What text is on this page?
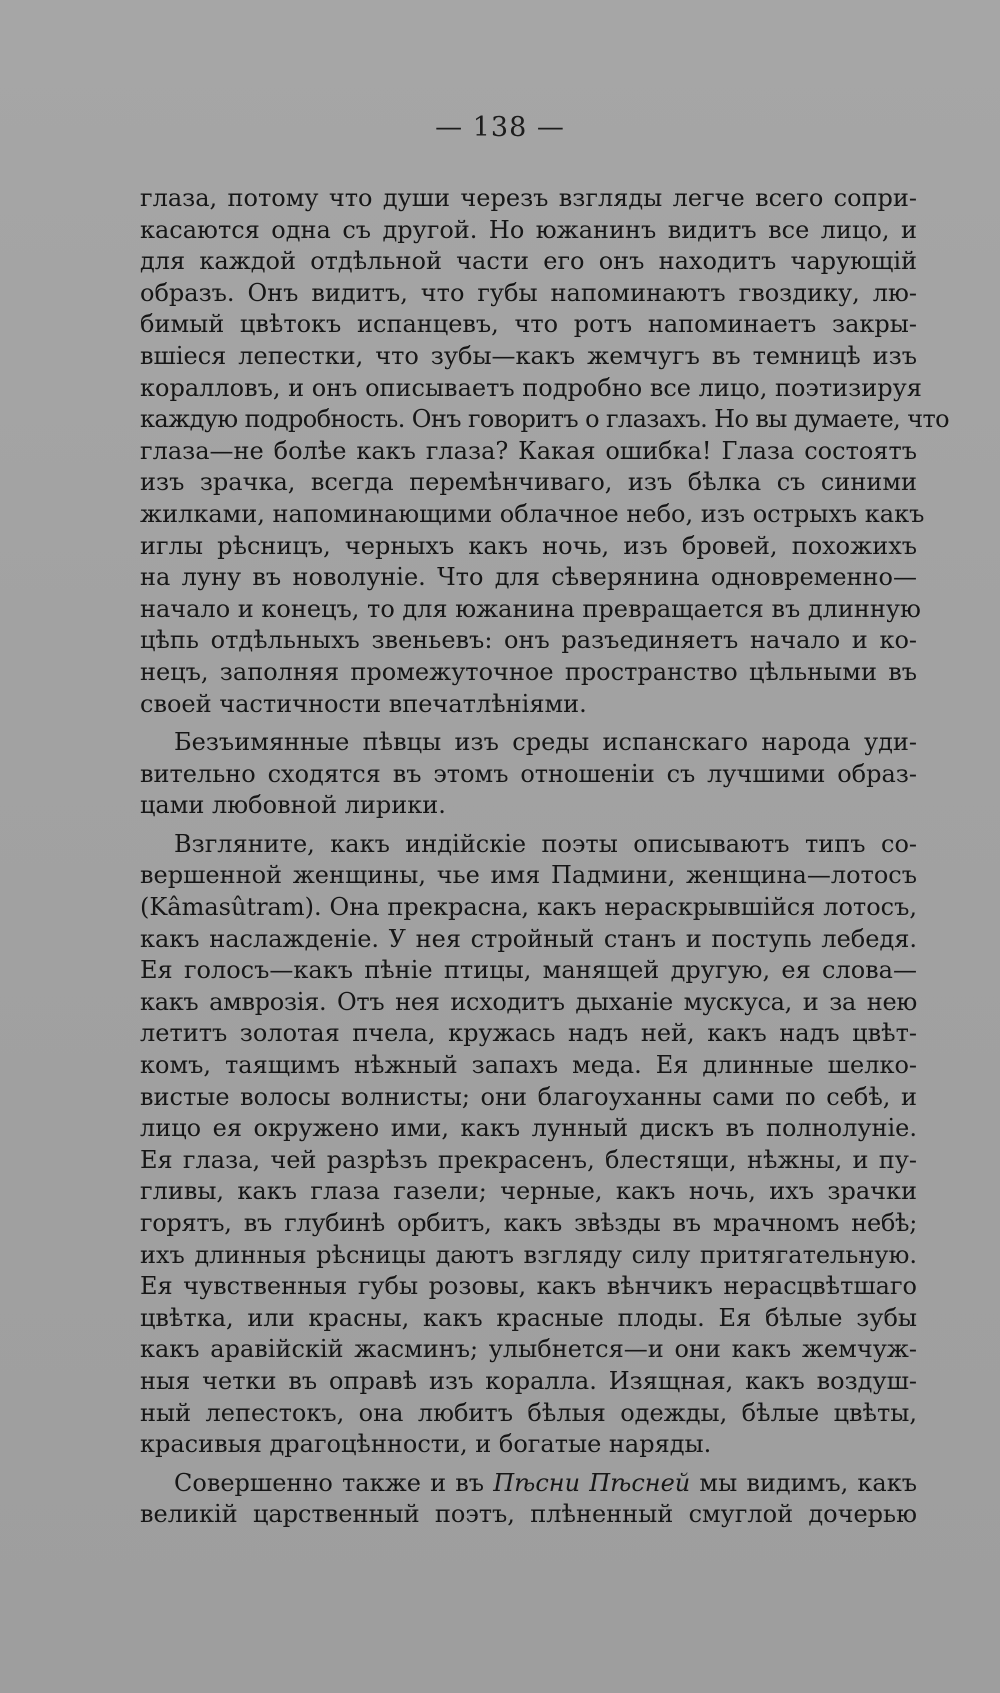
— 138 —
глаза, потому что души черезъ взгляды легче всего сопри-
касаются одна съ другой. Но южанинъ видитъ все лицо, и
для каждой отдѣльной части его онъ находитъ чарующій
образъ. Онъ видитъ, что губы напоминаютъ гвоздику, лю-
бимый цвѣтокъ испанцевъ, что ротъ напоминаетъ закры-
вшіеся лепестки, что зубы—какъ жемчугъ въ темницѣ изъ
кораллoвъ, и онъ описываетъ подробно все лицо, поэтизируя
каждую подробность. Онъ говоритъ о глазахъ. Но вы думаете, что
глаза—не болѣе какъ глаза? Какая ошибка! Глаза состоятъ
изъ зрачка, всегда перемѣнчиваго, изъ бѣлка съ синими
жилками, напоминающими облачное небо, изъ острыхъ какъ
иглы рѣсницъ, черныхъ какъ ночь, изъ бровей, похожихъ
на луну въ новолуніе. Что для сѣверянина одновременно—
начало и конецъ, то для южанина превращается въ длинную
цѣпь отдѣльныхъ звеньевъ: онъ разъединяетъ начало и ко-
нецъ, заполняя промежуточное пространство цѣльными въ
своей частичности впечатлѣніями.
Безъимянные пѣвцы изъ среды испанскаго народа уди-
вительно сходятся въ этомъ отношеніи съ лучшими образ-
цами любовной лирики.
Взгляните, какъ индійскіе поэты описываютъ типъ со-
вершенной женщины, чье имя Падмини, женщина—лотосъ
(Kâmasûtram). Она прекрасна, какъ нераскрывшійся лотосъ,
какъ наслажденіе. У нея стройный станъ и поступь лебедя.
Ея голосъ—какъ пѣніе птицы, манящей другую, ея слова—
какъ амврозія. Отъ нея исходитъ дыханіе мускуса, и за нею
летитъ золотая пчела, кружась надъ ней, какъ надъ цвѣт-
комъ, таящимъ нѣжный запахъ меда. Ея длинные шелко-
вистые волосы волнисты; они благоуханны сами по себѣ, и
лицо ея окружено ими, какъ лунный дискъ въ полнолуніе.
Ея глаза, чей разрѣзъ прекрасенъ, блестящи, нѣжны, и пу-
гливы, какъ глаза газели; черные, какъ ночь, ихъ зрачки
горятъ, въ глубинѣ орбитъ, какъ звѣзды въ мрачномъ небѣ;
ихъ длинныя рѣсницы даютъ взгляду силу притягательную.
Ея чувственныя губы розовы, какъ вѣнчикъ нерасцвѣтшаго
цвѣтка, или красны, какъ красные плоды. Ея бѣлые зубы
какъ аравійскій жасминъ; улыбнется—и они какъ жемчуж-
ныя четки въ оправѣ изъ коралла. Изящная, какъ воздуш-
ный лепестокъ, она любитъ бѣлыя одежды, бѣлые цвѣты,
красивыя драгоцѣнности, и богатые наряды.
Совершенно также и въ Пѣсни Пѣсней мы видимъ, какъ
великій царственный поэтъ, плѣненный смуглой дочерью
